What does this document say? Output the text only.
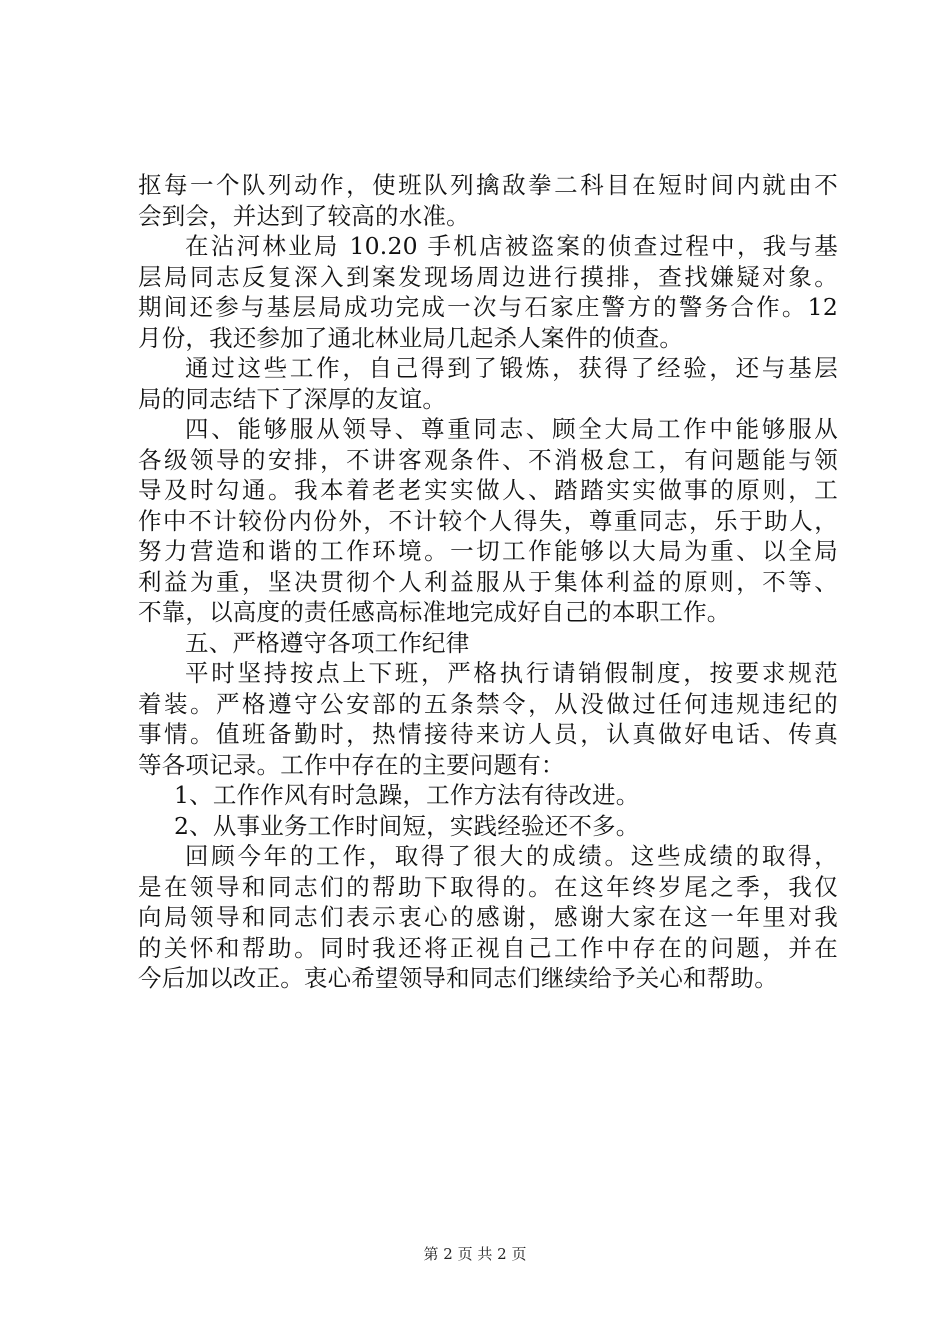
抠每一个队列动作，使班队列擒敌拳二科目在短时间内就由不
会到会，并达到了较高的水准。
在沾河林业局 10.20 手机店被盗案的侦查过程中，我与基
层局同志反复深入到案发现场周边进行摸排，查找嫌疑对象。
期间还参与基层局成功完成一次与石家庄警方的警务合作。12
月份，我还参加了通北林业局几起杀人案件的侦查。
通过这些工作，自己得到了锻炼，获得了经验，还与基层
局的同志结下了深厚的友谊。
四、能够服从领导、尊重同志、顾全大局工作中能够服从
各级领导的安排，不讲客观条件、不消极怠工，有问题能与领
导及时勾通。我本着老老实实做人、踏踏实实做事的原则，工
作中不计较份内份外，不计较个人得失，尊重同志，乐于助人，
努力营造和谐的工作环境。一切工作能够以大局为重、以全局
利益为重，坚决贯彻个人利益服从于集体利益的原则，不等、
不靠，以高度的责任感高标准地完成好自己的本职工作。
五、严格遵守各项工作纪律
平时坚持按点上下班，严格执行请销假制度，按要求规范
着装。严格遵守公安部的五条禁令，从没做过任何违规违纪的
事情。值班备勤时，热情接待来访人员，认真做好电话、传真
等各项记录。工作中存在的主要问题有：
1、工作作风有时急躁，工作方法有待改进。
2、从事业务工作时间短，实践经验还不多。
回顾今年的工作，取得了很大的成绩。这些成绩的取得，
是在领导和同志们的帮助下取得的。在这年终岁尾之季，我仅
向局领导和同志们表示衷心的感谢，感谢大家在这一年里对我
的关怀和帮助。同时我还将正视自己工作中存在的问题，并在
今后加以改正。衷心希望领导和同志们继续给予关心和帮助。
第 2 页 共 2 页
